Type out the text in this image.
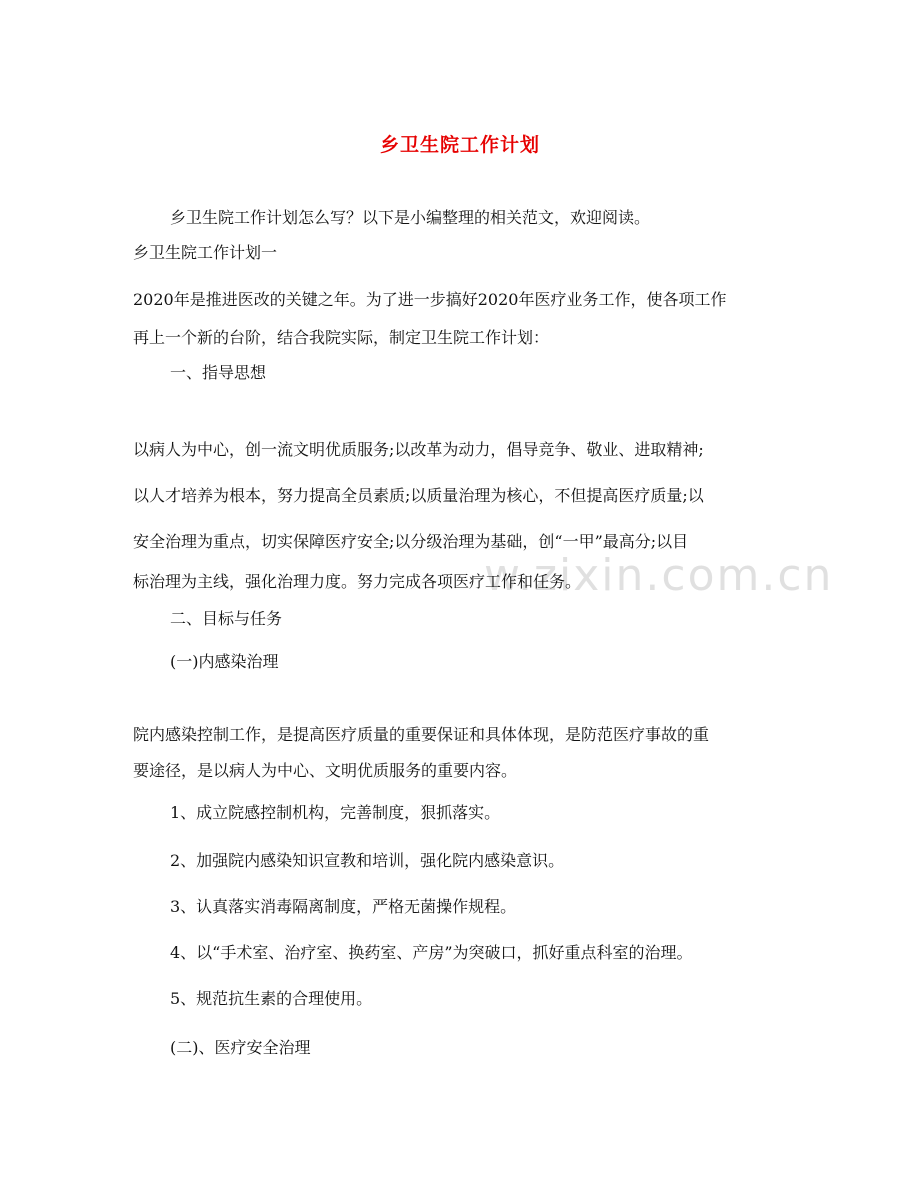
w.zixin.com.cn
乡卫生院工作计划
乡卫生院工作计划怎么写？以下是小编整理的相关范文，欢迎阅读。
乡卫生院工作计划一
2020年是推进医改的关键之年。为了进一步搞好2020年医疗业务工作，使各项工作
再上一个新的台阶，结合我院实际，制定卫生院工作计划：
一、指导思想
以病人为中心，创一流文明优质服务;以改革为动力，倡导竞争、敬业、进取精神;
以人才培养为根本，努力提高全员素质;以质量治理为核心，不但提高医疗质量;以
安全治理为重点，切实保障医疗安全;以分级治理为基础，创“一甲”最高分;以目
标治理为主线，强化治理力度。努力完成各项医疗工作和任务。
二、目标与任务
(一)内感染治理
院内感染控制工作，是提高医疗质量的重要保证和具体体现，是防范医疗事故的重
要途径，是以病人为中心、文明优质服务的重要内容。
1、成立院感控制机构，完善制度，狠抓落实。
2、加强院内感染知识宣教和培训，强化院内感染意识。
3、认真落实消毒隔离制度，严格无菌操作规程。
4、以“手术室、治疗室、换药室、产房”为突破口，抓好重点科室的治理。
5、规范抗生素的合理使用。
(二)、医疗安全治理
